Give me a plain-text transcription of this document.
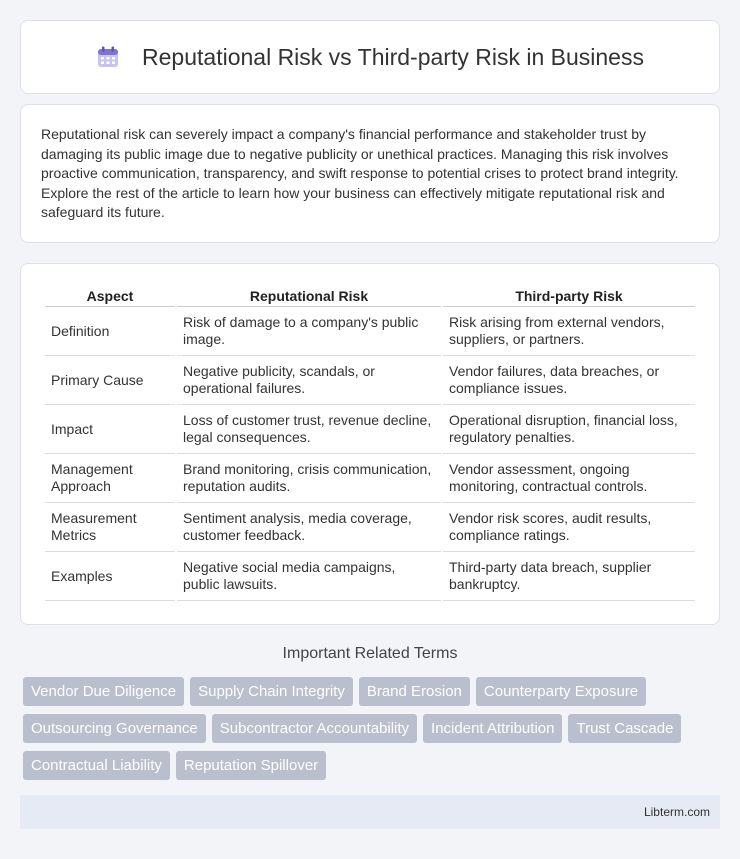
Reputational Risk vs Third-party Risk in Business

Reputational risk can severely impact a company's financial performance and stakeholder trust by damaging its public image due to negative publicity or unethical practices. Managing this risk involves proactive communication, transparency, and swift response to potential crises to protect brand integrity. Explore the rest of the article to learn how your business can effectively mitigate reputational risk and safeguard its future.

Aspect	Reputational Risk	Third-party Risk
Definition	Risk of damage to a company's public image.	Risk arising from external vendors, suppliers, or partners.
Primary Cause	Negative publicity, scandals, or operational failures.	Vendor failures, data breaches, or compliance issues.
Impact	Loss of customer trust, revenue decline, legal consequences.	Operational disruption, financial loss, regulatory penalties.
Management Approach	Brand monitoring, crisis communication, reputation audits.	Vendor assessment, ongoing monitoring, contractual controls.
Measurement Metrics	Sentiment analysis, media coverage, customer feedback.	Vendor risk scores, audit results, compliance ratings.
Examples	Negative social media campaigns, public lawsuits.	Third-party data breach, supplier bankruptcy.
Important Related Terms
Vendor Due Diligence	Supply Chain Integrity	Brand Erosion	Counterparty Exposure
Outsourcing Governance	Subcontractor Accountability	Incident Attribution	Trust Cascade
Contractual Liability	Reputation Spillover
Libterm.com
